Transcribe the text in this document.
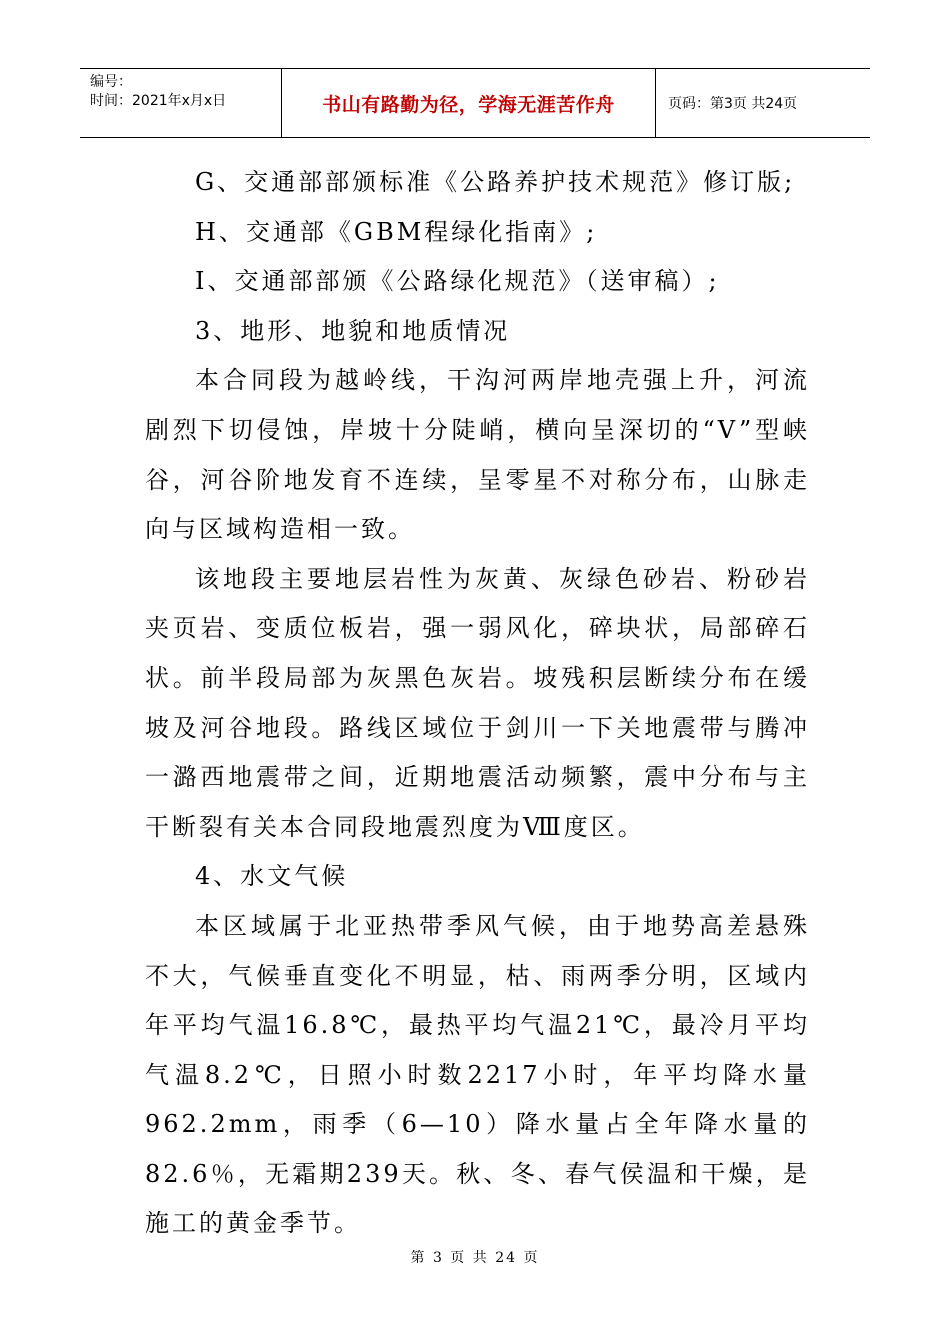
编号：
时间：2021年x月x日	书山有路勤为径，学海无涯苦作舟	页码：第3页 共24页

G、交通部部颁标准《公路养护技术规范》修订版;

H、交通部《GBM程绿化指南》;

I、交通部部颁《公路绿化规范》（送审稿）;

3、地形、地貌和地质情况

本合同段为越岭线，干沟河两岸地壳强上升，河流剧烈下切侵蚀，岸坡十分陡峭，横向呈深切的“V”型峡谷，河谷阶地发育不连续，呈零星不对称分布，山脉走向与区域构造相一致。

该地段主要地层岩性为灰黄、灰绿色砂岩、粉砂岩夹页岩、变质位板岩，强一弱风化，碎块状，局部碎石状。前半段局部为灰黑色灰岩。坡残积层断续分布在缓坡及河谷地段。路线区域位于剑川一下关地震带与腾冲一潞西地震带之间，近期地震活动频繁，震中分布与主干断裂有关本合同段地震烈度为Ⅷ度区。

4、水文气候

本区域属于北亚热带季风气候，由于地势高差悬殊不大，气候垂直变化不明显，枯、雨两季分明，区域内年平均气温16.8℃，最热平均气温21℃，最冷月平均气温8.2℃，日照小时数2217小时，年平均降水量962.2mm，雨季（6—10）降水量占全年降水量的82.6％，无霜期239天。秋、冬、春气侯温和干燥，是施工的黄金季节。

第 3 页 共 24 页
